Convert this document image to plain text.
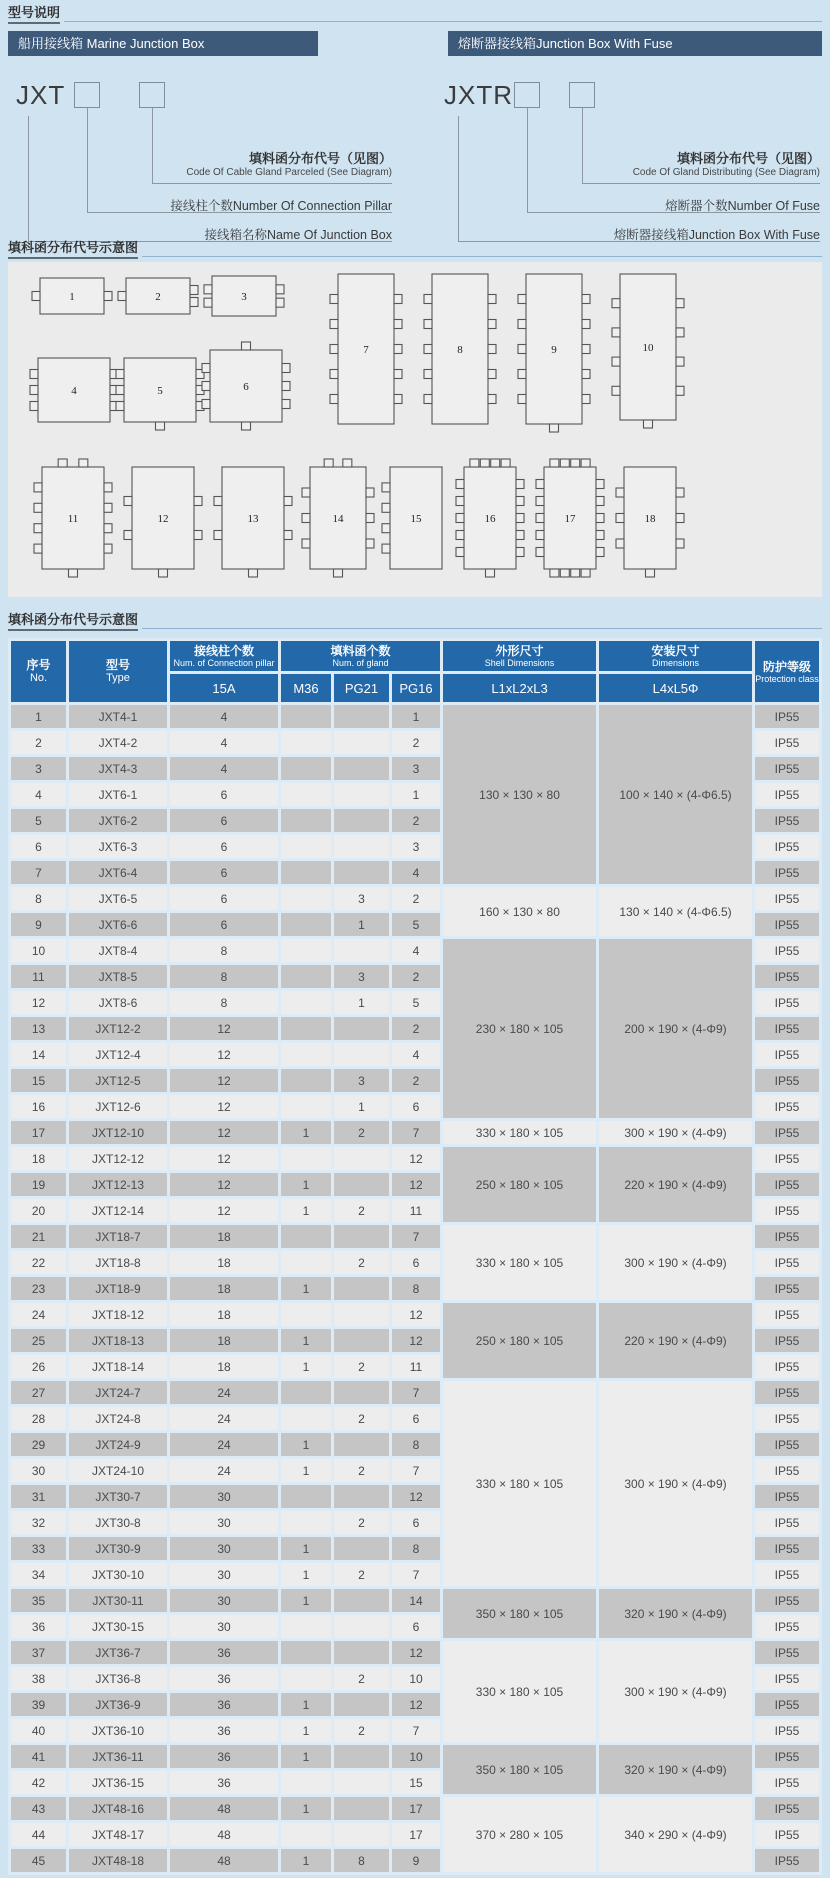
型号说明
船用接线箱 Marine Junction Box	熔断器接线箱Junction Box With Fuse
JXT
填料函分布代号（见图）
Code Of Cable Gland Parceled (See Diagram)
接线柱个数Number Of Connection Pillar
接线箱名称Name Of Junction Box
JXTR
填料函分布代号（见图）
Code Of Gland Distributing (See Diagram)
熔断器个数Number Of Fuse
熔断器接线箱Junction Box With Fuse
填科函分布代号示意图
1	2	3
4	5	6
7	8	9	10
11	12	13	14	15	16	17	18
填科函分布代号示意图
序号
No.

型号
Type

接线柱个数
Num. of Connection pillar

填料函个数
Num. of gland

外形尺寸
Shell Dimensions

安装尺寸
Dimensions	防护等级
Protection class

		15A	M36	PG21	PG16	L1xL2xL3	L4xL5Φ	
1	JXT4-1	4			1	130 × 130 × 80	100 × 140 × (4-Φ6.5)	IP55
2	JXT4-2	4			2			IP55
3	JXT4-3	4			3			IP55
4	JXT6-1	6			1			IP55
5	JXT6-2	6			2			IP55
6	JXT6-3	6			3			IP55
7	JXT6-4	6			4			IP55
8	JXT6-5	6		3	2	160 × 130 × 80	130 × 140 × (4-Φ6.5)	IP55
9	JXT6-6	6		1	5			IP55
10	JXT8-4	8			4	230 × 180 × 105	200 × 190 × (4-Φ9)	IP55
11	JXT8-5	8		3	2			IP55
12	JXT8-6	8		1	5			IP55
13	JXT12-2	12			2			IP55
14	JXT12-4	12			4			IP55
15	JXT12-5	12		3	2			IP55
16	JXT12-6	12		1	6			IP55
17	JXT12-10	12	1	2	7	330 × 180 × 105	300 × 190 × (4-Φ9)	IP55
18	JXT12-12	12			12	250 × 180 × 105	220 × 190 × (4-Φ9)	IP55
19	JXT12-13	12	1		12			IP55
20	JXT12-14	12	1	2	11			IP55
21	JXT18-7	18			7	330 × 180 × 105	300 × 190 × (4-Φ9)	IP55
22	JXT18-8	18		2	6			IP55
23	JXT18-9	18	1		8			IP55
24	JXT18-12	18			12	250 × 180 × 105	220 × 190 × (4-Φ9)	IP55
25	JXT18-13	18	1		12			IP55
26	JXT18-14	18	1	2	11			IP55
27	JXT24-7	24			7	330 × 180 × 105	300 × 190 × (4-Φ9)	IP55
28	JXT24-8	24		2	6			IP55
29	JXT24-9	24	1		8			IP55
30	JXT24-10	24	1	2	7			IP55
31	JXT30-7	30			12			IP55
32	JXT30-8	30		2	6			IP55
33	JXT30-9	30	1		8			IP55
34	JXT30-10	30	1	2	7			IP55
35	JXT30-11	30	1		14	350 × 180 × 105	320 × 190 × (4-Φ9)	IP55
36	JXT30-15	30			6			IP55
37	JXT36-7	36			12	330 × 180 × 105	300 × 190 × (4-Φ9)	IP55
38	JXT36-8	36		2	10			IP55
39	JXT36-9	36	1		12			IP55
40	JXT36-10	36	1	2	7			IP55
41	JXT36-11	36	1		10	350 × 180 × 105	320 × 190 × (4-Φ9)	IP55
42	JXT36-15	36			15			IP55
43	JXT48-16	48	1		17	370 × 280 × 105	340 × 290 × (4-Φ9)	IP55
44	JXT48-17	48			17			IP55
45	JXT48-18	48	1	8	9			IP55
